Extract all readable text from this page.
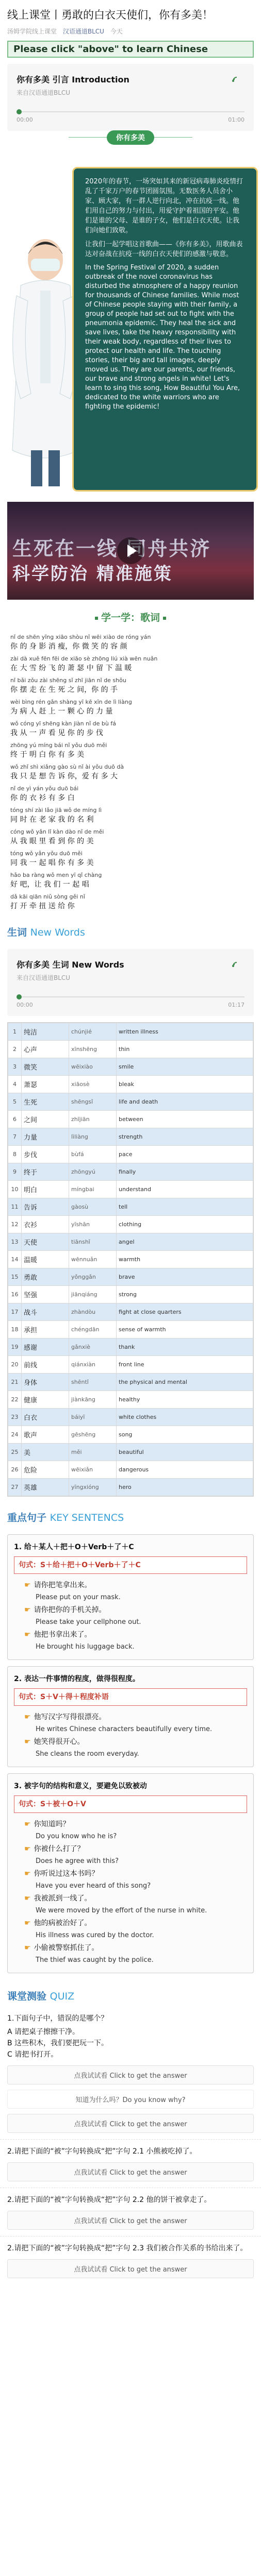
线上课堂丨勇敢的白衣天使们，你有多美！
汤姆学院线上课堂 汉语通道BLCU 今天
Please click "above" to learn Chinese
你有多美 引言 Introduction
来自汉语通道BLCU
00:00	01:00
你有多美

2020年的春节，一场突如其来的新冠病毒肺炎疫情打乱了千家万户的春节团圆氛围。无数医务人员舍小家、顾大家，有一群人逆行向北，冲在抗疫一线。他们用自己的努力与付出，用爱守护着祖国的平安。他们是谁的父母、是谁的子女，他们是白衣天使。让我们向她们致敬。

让我们一起学唱这首歌曲——《你有多美》，用歌曲表达对奋战在抗疫一线的白衣天使们的感激与敬意。

In the Spring Festival of 2020, a sudden outbreak of the novel coronavirus has disturbed the atmosphere of a happy reunion for thousands of Chinese families. While most of Chinese people staying with their family, a group of people had set out to fight with the pneumonia epidemic. They heal the sick and save lives, take the heavy responsibility with their weak body, regardless of their lives to protect our health and life. The touching stories, their big and tall images, deeply moved us. They are our parents, our friends, our brave and strong angels in white! Let's learn to sing this song, How Beautiful You Are, dedicated to the white warriors who are fighting the epidemic!

生死在一线 同舟共济
科学防治 精准施策
学一学：歌词
nǐ de shēn yǐng xiāo shòu nǐ wēi xiào de róng yán
你 的 身 影 消 瘦，你 微 笑 的 容 颜
zài dà xuě fēn fēi de xiāo sè zhōng liú xià wēn nuǎn
在 大 雪 纷 飞 的 萧 瑟 中 留 下 温 暖
nǐ bǎi zǒu zài shēng sǐ zhī jiān nǐ de shǒu
你 摆 走 在 生 死 之 间，你 的 手
wèi bìng rén gǎn shàng yī kē xīn de lì liàng
为 病 人 赶 上 一 颗 心 的 力 量
wǒ cóng yī shēng kàn jiàn nǐ de bù fá
我 从 一 声 看 见 你 的 步 伐
zhōng yú míng bái nǐ yǒu duō měi
终 于 明 白 你 有 多 美
wǒ zhǐ shì xiǎng gào sù nǐ ài yǒu duō dà
我 只 是 想 告 诉 你，爱 有 多 大
nǐ de yì yán yǒu duō bái
你 的 衣 衫 有 多 白
tóng shí zài lǎo jiā wǒ de míng lì
同 时 在 老 家 我 的 名 利
cóng wǒ yǎn lǐ kàn dào nǐ de měi
从 我 眼 里 看 到 你 的 美
tóng wǒ yǎn yǒu duō měi
同 我 一 起 唱 你 有 多 美
hǎo ba ràng wǒ men yī qǐ chàng
好 吧，让 我 们 一 起 唱
dǎ kāi qiān niǔ sòng gěi nǐ
打 开 牵 扭 送 给 你
生词 New Words
你有多美 生词 New Words
来自汉语通道BLCU
00:00	01:17
1	纯洁	chúnjié	written illness
2	心声	xīnshēng	thin
3	微笑	wēixiào	smile
4	萧瑟	xiāosè	bleak
5	生死	shēngsǐ	life and death
6	之间	zhījiān	between
7	力量	lìliàng	strength
8	步伐	bùfá	pace
9	终于	zhōngyú	finally
10	明白	míngbai	understand
11	告诉	gàosù	tell
12	衣衫	yīshān	clothing
13	天使	tiānshǐ	angel
14	温暖	wēnnuǎn	warmth
15	勇敢	yǒnggǎn	brave
16	坚强	jiānqiáng	strong
17	战斗	zhàndòu	fight at close quarters
18	承担	chéngdān	sense of warmth
19	感谢	gǎnxiè	thank
20	前线	qiánxiàn	front line
21	身体	shēntǐ	the physical and mental
22	健康	jiànkāng	healthy
23	白衣	báiyī	white clothes
24	歌声	gēshēng	song
25	美	měi	beautiful
26	危险	wēixiǎn	dangerous
27	英雄	yīngxióng	hero
重点句子 KEY SENTENCS
1. 给＋某人＋把＋O＋Verb＋了＋C
句式：S＋给＋把＋O＋Verb＋了＋C
☛ 请你把笔拿出来。
Please put on your mask.
☛ 请你把你的手机关掉。
Please take your cellphone out.
☛ 他把书拿出来了。
He brought his luggage back.
2. 表达一件事情的程度，做得很程度。
句式：S＋V＋得＋程度补语
☛ 他写汉字写得很漂亮。
He writes Chinese characters beautifully every time.
☛ 她笑得很开心。
She cleans the room everyday.
3. 被字句的结构和意义，要避免以致被动
句式：S＋被＋O＋V
☛ 你知道吗？
Do you know who he is?
☛ 你被什么打了？
Does he agree with this?
☛ 你听说过这本书吗？
Have you ever heard of this song?
☛ 我被派到一线了。
We were moved by the effort of the nurse in white.
☛ 他的病被治好了。
His illness was cured by the doctor.
☛ 小偷被警察抓住了。
The thief was caught by the police.
课堂测验 QUIZ
1.下面句子中，错误的是哪个？
A 请把桌子擦擦干净。
B 这些积木，我们要把玩一下。
C 请把书打开。
点我试试看 Click to get the answer
知道为什么吗？Do you know why?
点我试试看 Click to get the answer
2.请把下面的“被”字句转换成“把”字句 2.1 小熊被吃掉了。
点我试试看 Click to get the answer
2.请把下面的“被”字句转换成“把”字句 2.2 他的饼干被拿走了。
点我试试看 Click to get the answer
2.请把下面的“被”字句转换成“把”字句 2.3 我们被合作关系的书给出来了。
点我试试看 Click to get the answer
